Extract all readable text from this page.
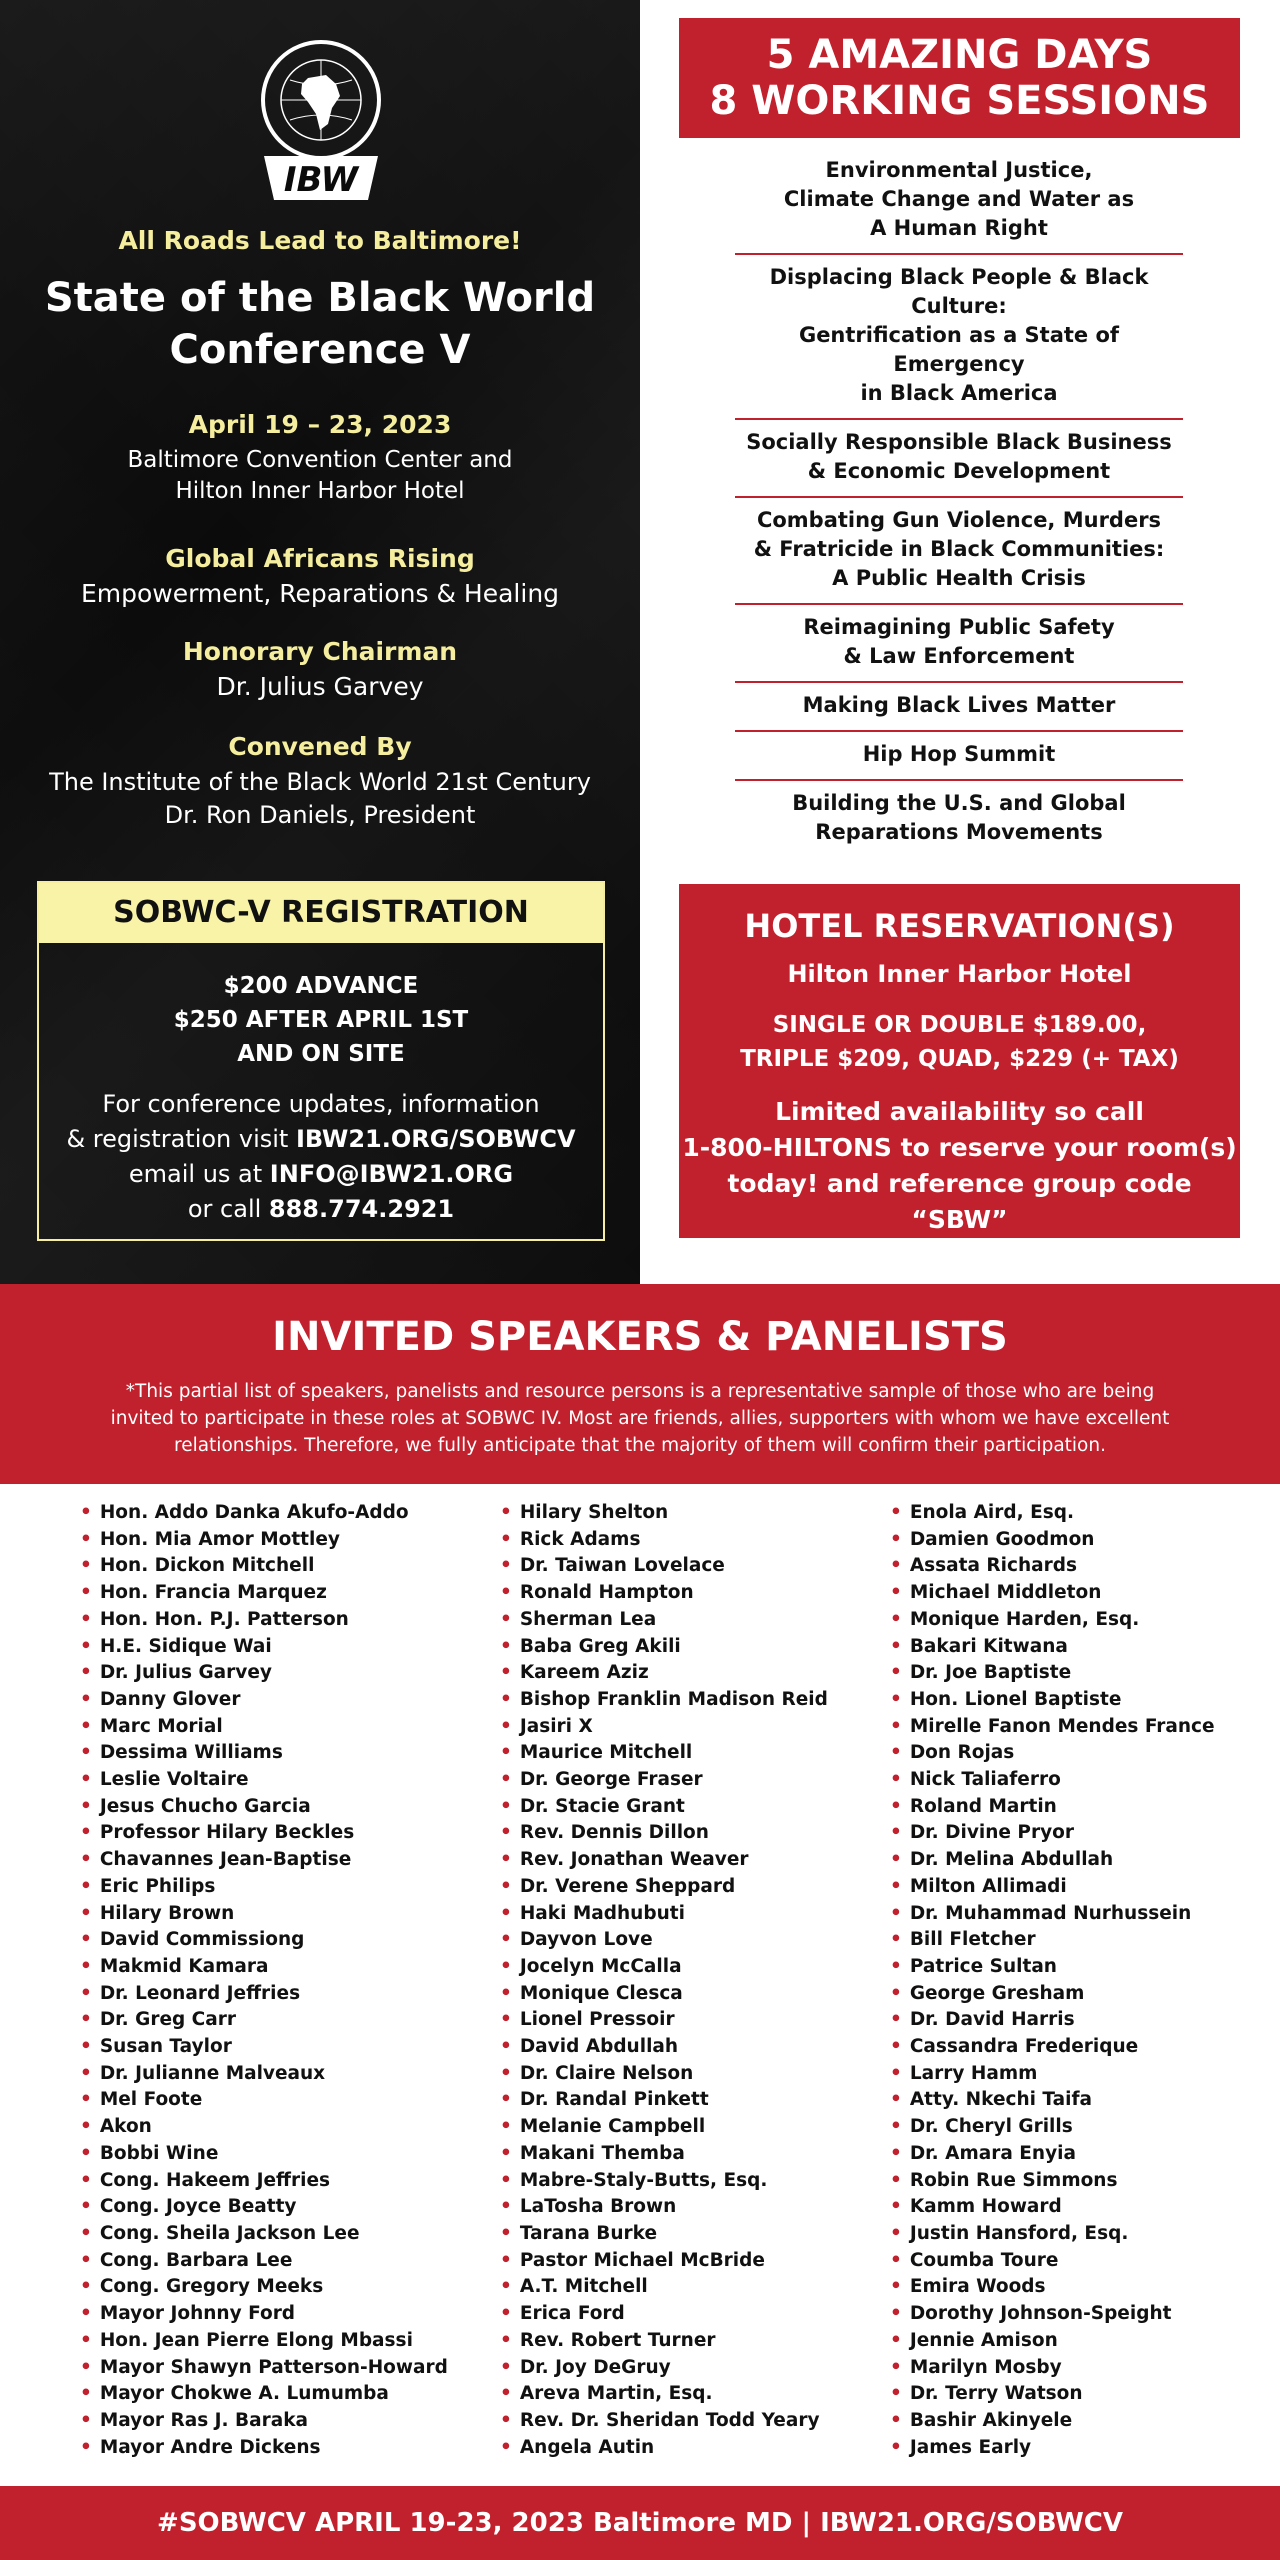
IBW
All Roads Lead to Baltimore!
State of the Black World
Conference V
April 19 – 23, 2023
Baltimore Convention Center and
Hilton Inner Harbor Hotel
Global Africans Rising
Empowerment, Reparations & Healing
Honorary Chairman
Dr. Julius Garvey
Convened By
The Institute of the Black World 21st Century
Dr. Ron Daniels, President
SOBWC-V REGISTRATION
$200 ADVANCE
$250 AFTER APRIL 1ST
AND ON SITE
For conference updates, information
& registration visit IBW21.ORG/SOBWCV
email us at INFO@IBW21.ORG
or call 888.774.2921
5 AMAZING DAYS
8 WORKING SESSIONS
Environmental Justice,
Climate Change and Water as
A Human Right
Displacing Black People & Black Culture:
Gentrification as a State of Emergency
in Black America
Socially Responsible Black Business
& Economic Development
Combating Gun Violence, Murders
& Fratricide in Black Communities:
A Public Health Crisis
Reimagining Public Safety
& Law Enforcement
Making Black Lives Matter
Hip Hop Summit
Building the U.S. and Global
Reparations Movements
HOTEL RESERVATION(S)
Hilton Inner Harbor Hotel
SINGLE OR DOUBLE $189.00,
TRIPLE $209, QUAD, $229 (+ TAX)
Limited availability so call
1-800-HILTONS to reserve your room(s)
today! and reference group code “SBW”
INVITED SPEAKERS & PANELISTS
*This partial list of speakers, panelists and resource persons is a representative sample of those who are being invited to participate in these roles at SOBWC IV. Most are friends, allies, supporters with whom we have excellent relationships. Therefore, we fully anticipate that the majority of them will confirm their participation.
• Hon. Addo Danka Akufo-Addo
• Hon. Mia Amor Mottley
• Hon. Dickon Mitchell
• Hon. Francia Marquez
• Hon. Hon. P.J. Patterson
• H.E. Sidique Wai
• Dr. Julius Garvey
• Danny Glover
• Marc Morial
• Dessima Williams
• Leslie Voltaire
• Jesus Chucho Garcia
• Professor Hilary Beckles
• Chavannes Jean-Baptise
• Eric Philips
• Hilary Brown
• David Commissiong
• Makmid Kamara
• Dr. Leonard Jeffries
• Dr. Greg Carr
• Susan Taylor
• Dr. Julianne Malveaux
• Mel Foote
• Akon
• Bobbi Wine
• Cong. Hakeem Jeffries
• Cong. Joyce Beatty
• Cong. Sheila Jackson Lee
• Cong. Barbara Lee
• Cong. Gregory Meeks
• Mayor Johnny Ford
• Hon. Jean Pierre Elong Mbassi
• Mayor Shawyn Patterson-Howard
• Mayor Chokwe A. Lumumba
• Mayor Ras J. Baraka
• Mayor Andre Dickens
• Hilary Shelton
• Rick Adams
• Dr. Taiwan Lovelace
• Ronald Hampton
• Sherman Lea
• Baba Greg Akili
• Kareem Aziz
• Bishop Franklin Madison Reid
• Jasiri X
• Maurice Mitchell
• Dr. George Fraser
• Dr. Stacie Grant
• Rev. Dennis Dillon
• Rev. Jonathan Weaver
• Dr. Verene Sheppard
• Haki Madhubuti
• Dayvon Love
• Jocelyn McCalla
• Monique Clesca
• Lionel Pressoir
• David Abdullah
• Dr. Claire Nelson
• Dr. Randal Pinkett
• Melanie Campbell
• Makani Themba
• Mabre-Staly-Butts, Esq.
• LaTosha Brown
• Tarana Burke
• Pastor Michael McBride
• A.T. Mitchell
• Erica Ford
• Rev. Robert Turner
• Dr. Joy DeGruy
• Areva Martin, Esq.
• Rev. Dr. Sheridan Todd Yeary
• Angela Autin
• Enola Aird, Esq.
• Damien Goodmon
• Assata Richards
• Michael Middleton
• Monique Harden, Esq.
• Bakari Kitwana
• Dr. Joe Baptiste
• Hon. Lionel Baptiste
• Mirelle Fanon Mendes France
• Don Rojas
• Nick Taliaferro
• Roland Martin
• Dr. Divine Pryor
• Dr. Melina Abdullah
• Milton Allimadi
• Dr. Muhammad Nurhussein
• Bill Fletcher
• Patrice Sultan
• George Gresham
• Dr. David Harris
• Cassandra Frederique
• Larry Hamm
• Atty. Nkechi Taifa
• Dr. Cheryl Grills
• Dr. Amara Enyia
• Robin Rue Simmons
• Kamm Howard
• Justin Hansford, Esq.
• Coumba Toure
• Emira Woods
• Dorothy Johnson-Speight
• Jennie Amison
• Marilyn Mosby
• Dr. Terry Watson
• Bashir Akinyele
• James Early
#SOBWCV APRIL 19-23, 2023 Baltimore MD | IBW21.ORG/SOBWCV
